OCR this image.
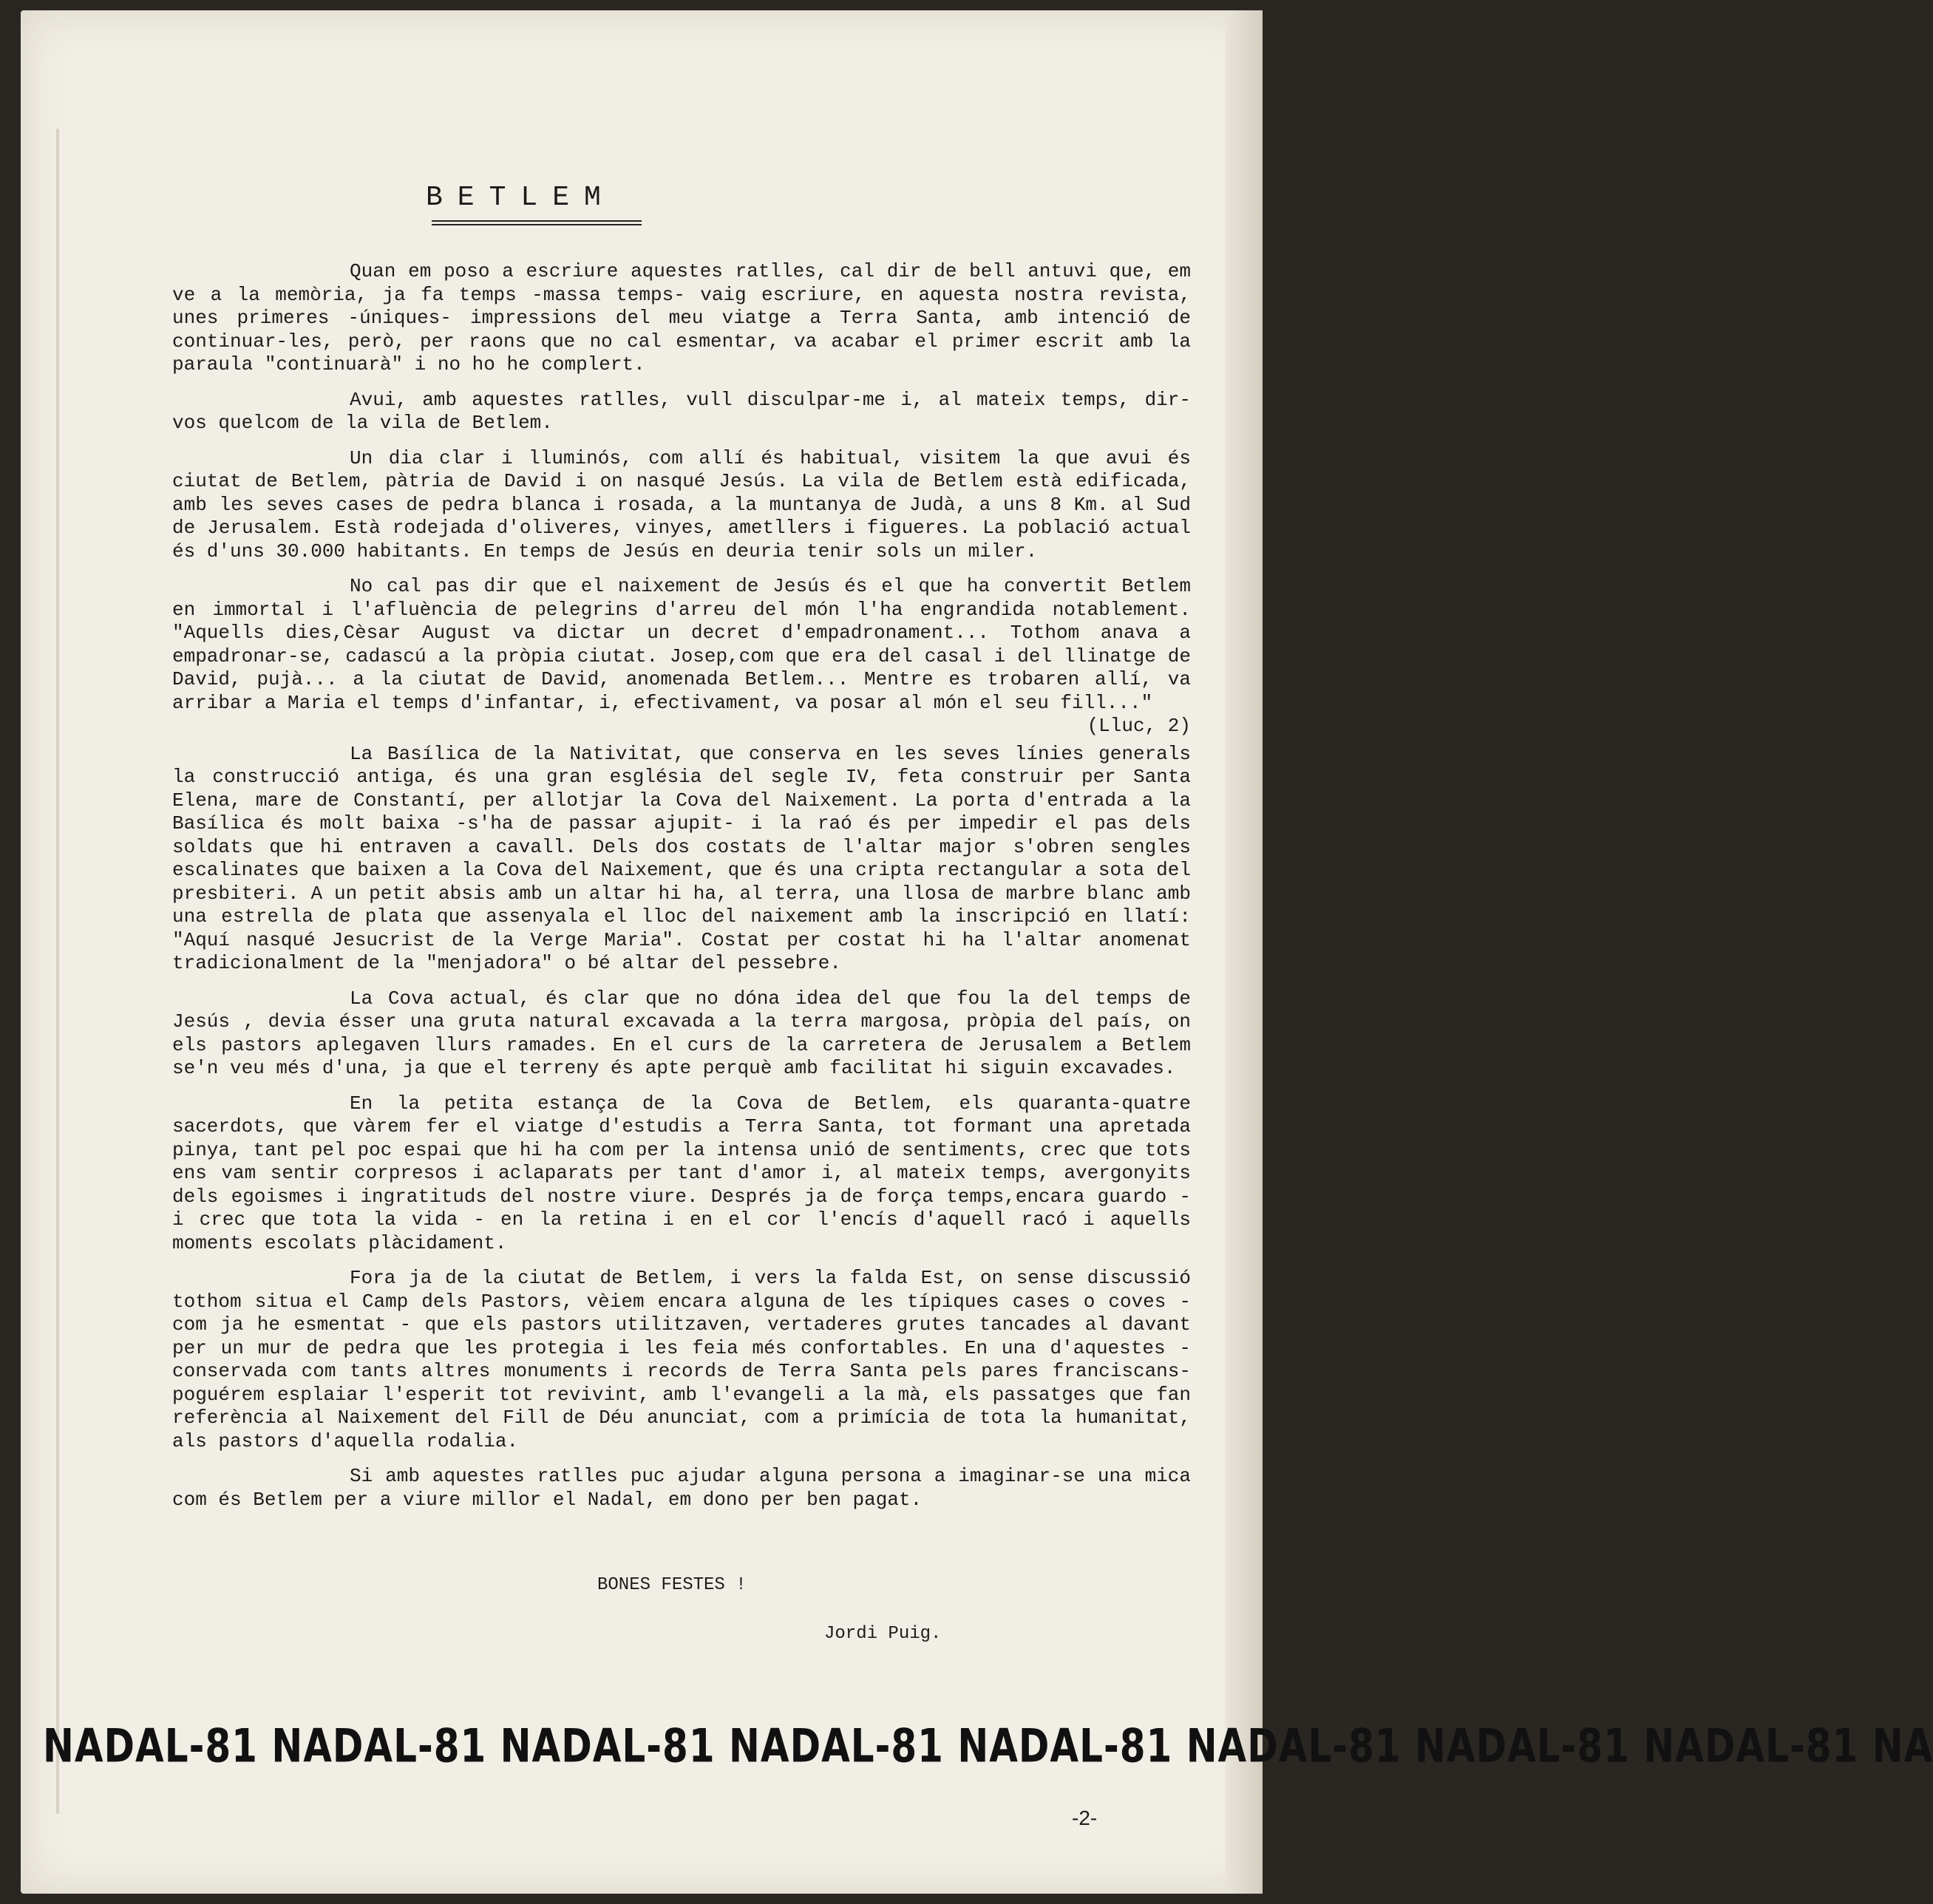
BETLEM

Quan em poso a escriure aquestes ratlles, cal dir de bell antuvi que, em ve a la memòria, ja fa temps -massa temps- vaig escriure, en aquesta nostra revista, unes primeres -úniques- impressions del meu viatge a Terra Santa, amb intenció de continuar-les, però, per raons que no cal esmentar, va acabar el primer escrit amb la paraula "continuarà" i no ho he complert.

Avui, amb aquestes ratlles, vull disculpar-me i, al mateix temps, dir-vos quelcom de la vila de Betlem.

Un dia clar i lluminós, com allí és habitual, visitem la que avui és ciutat de Betlem, pàtria de David i on nasqué Jesús. La vila de Betlem està edificada, amb les seves cases de pedra blanca i rosada, a la muntanya de Judà, a uns 8 Km. al Sud de Jerusalem. Està rodejada d'oliveres, vinyes, ametllers i figueres. La població actual és d'uns 30.000 habitants. En temps de Jesús en deuria tenir sols un miler.

No cal pas dir que el naixement de Jesús és el que ha convertit Betlem en immortal i l'afluència de pelegrins d'arreu del món l'ha engrandida notablement. "Aquells dies,Cèsar August va dictar un decret d'empadronament... Tothom anava a empadronar-se, cadascú a la pròpia ciutat. Josep,com que era del casal i del llinatge de David, pujà... a la ciutat de David, anomenada Betlem... Mentre es trobaren allí, va arribar a Maria el temps d'infantar, i, efectivament, va posar al món el seu fill..."

(Lluc, 2)

La Basílica de la Nativitat, que conserva en les seves línies generals la construcció antiga, és una gran església del segle IV, feta construir per Santa Elena, mare de Constantí, per allotjar la Cova del Naixement. La porta d'entrada a la Basílica és molt baixa -s'ha de passar ajupit- i la raó és per impedir el pas dels soldats que hi entraven a cavall. Dels dos costats de l'altar major s'obren sengles escalinates que baixen a la Cova del Naixement, que és una cripta rectangular a sota del presbiteri. A un petit absis amb un altar hi ha, al terra, una llosa de marbre blanc amb una estrella de plata que assenyala el lloc del naixement amb la inscripció en llatí: "Aquí nasqué Jesucrist de la Verge Maria". Costat per costat hi ha l'altar anomenat tradicionalment de la "menjadora" o bé altar del pessebre.

La Cova actual, és clar que no dóna idea del que fou la del temps de Jesús , devia ésser una gruta natural excavada a la terra margosa, pròpia del país, on els pastors aplegaven llurs ramades. En el curs de la carretera de Jerusalem a Betlem se'n veu més d'una, ja que el terreny és apte perquè amb facilitat hi siguin excavades.

En la petita estança de la Cova de Betlem, els quaranta-quatre sacerdots, que vàrem fer el viatge d'estudis a Terra Santa, tot formant una apretada pinya, tant pel poc espai que hi ha com per la intensa unió de sentiments, crec que tots ens vam sentir corpresos i aclaparats per tant d'amor i, al mateix temps, avergonyits dels egoismes i ingratituds del nostre viure. Després ja de força temps,encara guardo - i crec que tota la vida - en la retina i en el cor l'encís d'aquell racó i aquells moments escolats plàcidament.

Fora ja de la ciutat de Betlem, i vers la falda Est, on sense discussió tothom situa el Camp dels Pastors, vèiem encara alguna de les típiques cases o coves - com ja he esmentat - que els pastors utilitzaven, vertaderes grutes tancades al davant per un mur de pedra que les protegia i les feia més confortables. En una d'aquestes -conservada com tants altres monuments i records de Terra Santa pels pares franciscans- poguérem esplaiar l'esperit tot revivint, amb l'evangeli a la mà, els passatges que fan referència al Naixement del Fill de Déu anunciat, com a primícia de tota la humanitat, als pastors d'aquella rodalia.

Si amb aquestes ratlles puc ajudar alguna persona a imaginar-se una mica com és Betlem per a viure millor el Nadal, em dono per ben pagat.

BONES FESTES !
Jordi Puig.
NADAL-81 NADAL-81 NADAL-81 NADAL-81 NADAL-81 NADAL-81 NADAL-81 NADAL-81 NA
-2-
